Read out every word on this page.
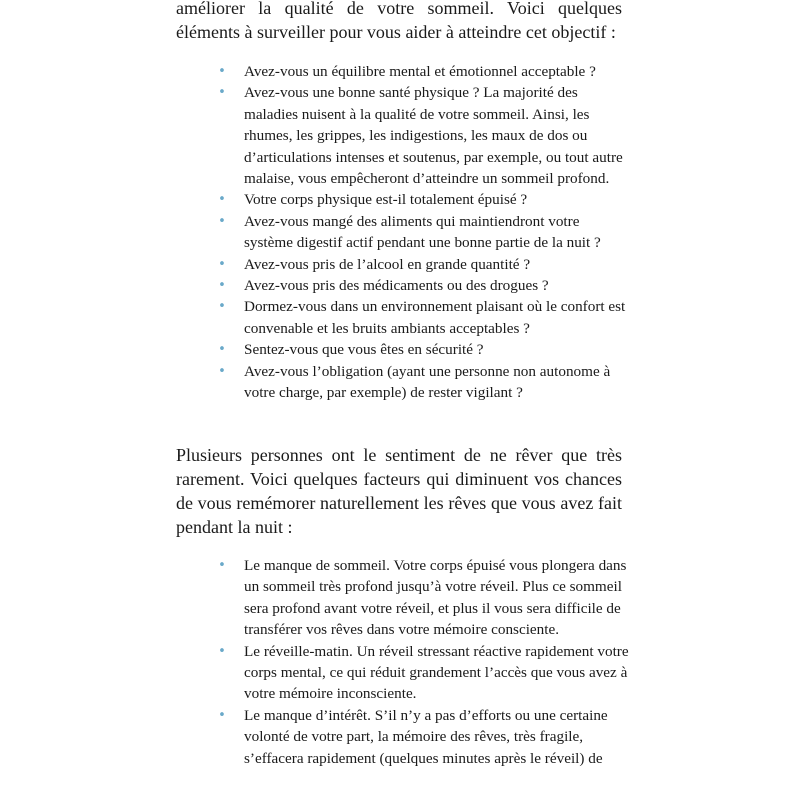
améliorer la qualité de votre sommeil. Voici quelques éléments à surveiller pour vous aider à atteindre cet objectif :

• Avez-vous un équilibre mental et émotionnel acceptable ?
• Avez-vous une bonne santé physique ? La majorité des maladies nuisent à la qualité de votre sommeil. Ainsi, les rhumes, les grippes, les indigestions, les maux de dos ou d’articulations intenses et soutenus, par exemple, ou tout autre malaise, vous empêcheront d’atteindre un sommeil profond.
• Votre corps physique est-il totalement épuisé ?
• Avez-vous mangé des aliments qui maintiendront votre système digestif actif pendant une bonne partie de la nuit ?
• Avez-vous pris de l’alcool en grande quantité ?
• Avez-vous pris des médicaments ou des drogues ?
• Dormez-vous dans un environnement plaisant où le confort est convenable et les bruits ambiants acceptables ?
• Sentez-vous que vous êtes en sécurité ?
• Avez-vous l’obligation (ayant une personne non autonome à votre charge, par exemple) de rester vigilant ?

Plusieurs personnes ont le sentiment de ne rêver que très rarement. Voici quelques facteurs qui diminuent vos chances de vous remémorer naturellement les rêves que vous avez fait pendant la nuit :

• Le manque de sommeil. Votre corps épuisé vous plongera dans un sommeil très profond jusqu’à votre réveil. Plus ce sommeil sera profond avant votre réveil, et plus il vous sera difficile de transférer vos rêves dans votre mémoire consciente.
• Le réveille-matin. Un réveil stressant réactive rapidement votre corps mental, ce qui réduit grandement l’accès que vous avez à votre mémoire inconsciente.
• Le manque d’intérêt. S’il n’y a pas d’efforts ou une certaine volonté de votre part, la mémoire des rêves, très fragile, s’effacera rapidement (quelques minutes après le réveil) de
